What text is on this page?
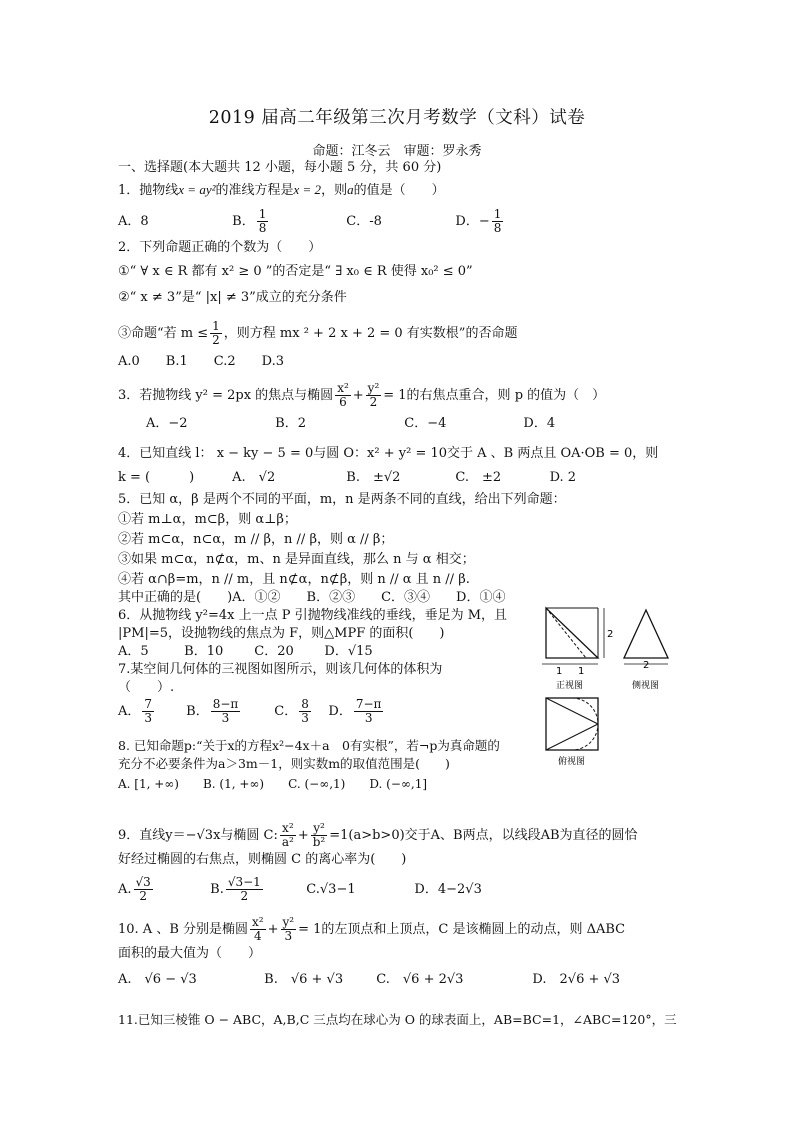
2019 届高二年级第三次月考数学（文科）试卷
命题：江冬云　审题：罗永秀
一、选择题(本大题共 12 小题，每小题 5 分，共 60 分)
1．抛物线x = ay²的准线方程是x = 2，则a的值是（　　）
A．8	B． $\frac{1}{8}$	C．-8	D．− $\frac{1}{8}$
2．下列命题正确的个数为（　　）
①“ ∀ x ∈ R 都有 x² ≥ 0 ”的否定是“ ∃ x₀ ∈ R 使得 x₀² ≤ 0”
②“ x ≠ 3”是“ |x| ≠ 3”成立的充分条件
③命题“若 $m \le \frac{1}{2}$ ，则方程 mx ² + 2 x + 2 = 0 有实数根”的否命题
A.0　　B.1　　C.2　　D.3
3．若抛物线 y² = 2px 的焦点与椭圆 $\frac{\text{x²}}{6} + \frac{\text{y²}}{2} = 1$的右焦点重合，则 p 的值为（　）
A．−2	B．2	C．−4	D．4
4．已知直线 l： x − ky − 5 = 0与圆 O：x² + y² = 10交于 A 、B 两点且 OA·OB = 0，则
k = (　　　)	A.　√2	B.　±√2	C.　±2	D. 2
5．已知 α，β 是两个不同的平面，m，n 是两条不同的直线，给出下列命题：
①若 m⊥α，m⊂β，则 α⊥β；
②若 m⊂α，n⊂α，m // β，n // β，则 α // β；
③如果 m⊂α，n⊄α，m、n 是异面直线，那么 n 与 α 相交；
④若 α∩β=m，n // m，且 n⊄α，n⊄β，则 n // α 且 n // β.
其中正确的是(　　)A．①②　　B．②③　　C．③④　　D．①④
6．从抛物线 y²=4x 上一点 P 引抛物线准线的垂线，垂足为 M，且
|PM|=5，设抛物线的焦点为 F，则△MPF 的面积(　　)
A．5	B．10 C．20 D．√15
7.某空间几何体的三视图如图所示，则该几何体的体积为
（　　）.
A． $\frac{7}{3}$ B． $\frac{8-\pi}{3}$	C． $\frac{8}{3}$ D． $\frac{7-\pi}{3}$
2
1 1
正视图
2
侧视图
俯视图
8. 已知命题p:“关于x的方程x²−4x＋a　0有实根”，若¬p为真命题的
充分不必要条件为a＞3m－1，则实数m的取值范围是(　　)
A. [1, +∞)　　B. (1, +∞)　　C. (−∞,1)　　D. (−∞,1]
9．直线y＝−√3x与椭圆 C: $\frac{\text{x²}}{\text{a²}} + \frac{\text{y²}}{\text{b²}} =1(a>b>0)$交于A、B两点，以线段AB为直径的圆恰
好经过椭圆的右焦点，则椭圆 C 的离心率为(　　)
A. $\frac{√3}{2}$	B. $\frac{√3-1}{2}$	C.√3−1	D．4−2√3
10. A 、B 分别是椭圆 $\frac{\text{x²}}{4} + \frac{\text{y²}}{3} = 1$的左顶点和上顶点，C 是该椭圆上的动点，则 ΔABC
面积的最大值为（　　）
A.　√6 − √3	B.　√6 + √3	C.　√6 + 2√3	D.　2√6 + √3
11.已知三棱锥 O − ABC，A,B,C 三点均在球心为 O 的球表面上，AB=BC=1，∠ABC=120°，三
